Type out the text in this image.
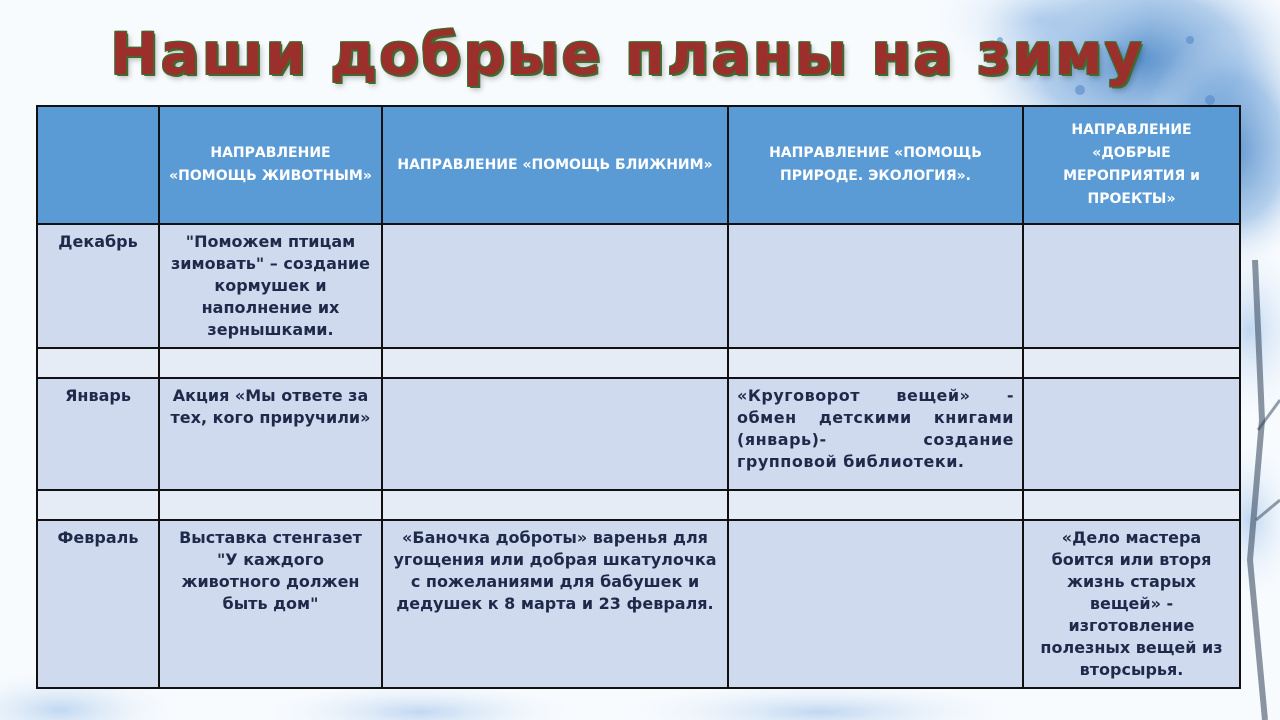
Наши добрые планы на зиму
	НАПРАВЛЕНИЕ «ПОМОЩЬ ЖИВОТНЫМ»	НАПРАВЛЕНИЕ «ПОМОЩЬ БЛИЖНИМ»	НАПРАВЛЕНИЕ «ПОМОЩЬ ПРИРОДЕ. ЭКОЛОГИЯ».	НАПРАВЛЕНИЕ «ДОБРЫЕ МЕРОПРИЯТИЯ и ПРОЕКТЫ»
Декабрь	"Поможем птицам зимовать" – создание кормушек и наполнение их зернышками.			

Январь	Акция «Мы ответе за тех, кого приручили»		«Круговорот вещей» - обмен детскими книгами (январь)- создание групповой библиотеки.	

Февраль	Выставка стенгазет "У каждого животного должен быть дом"	«Баночка доброты» варенья для угощения или добрая шкатулочка с пожеланиями для бабушек и дедушек к 8 марта и 23 февраля.		«Дело мастера боится или вторя жизнь старых вещей» - изготовление полезных вещей из вторсырья.
